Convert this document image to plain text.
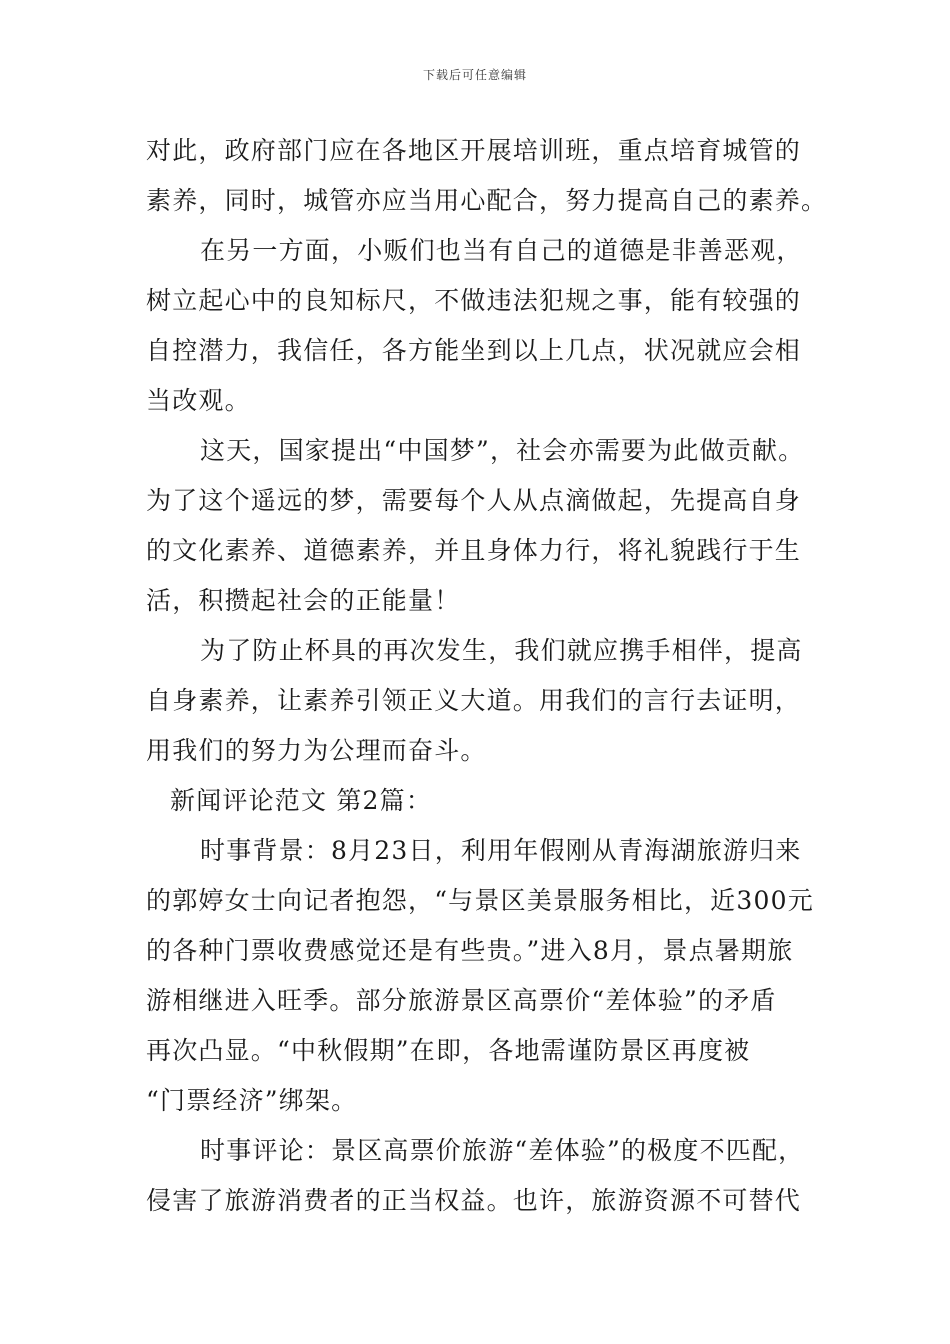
下载后可任意编辑
对此，政府部门应在各地区开展培训班，重点培育城管的
素养，同时，城管亦应当用心配合，努力提高自己的素养。
在另一方面，小贩们也当有自己的道德是非善恶观，
树立起心中的良知标尺，不做违法犯规之事，能有较强的
自控潜力，我信任，各方能坐到以上几点，状况就应会相
当改观。
这天，国家提出“中国梦”，社会亦需要为此做贡献。
为了这个遥远的梦，需要每个人从点滴做起，先提高自身
的文化素养、道德素养，并且身体力行，将礼貌践行于生
活，积攒起社会的正能量！
为了防止杯具的再次发生，我们就应携手相伴，提高
自身素养，让素养引领正义大道。用我们的言行去证明，
用我们的努力为公理而奋斗。
新闻评论范文 第2篇：
时事背景：8月23日，利用年假刚从青海湖旅游归来
的郭婷女士向记者抱怨，“与景区美景服务相比，近300元
的各种门票收费感觉还是有些贵。”进入8月，景点暑期旅
游相继进入旺季。部分旅游景区高票价“差体验”的矛盾
再次凸显。“中秋假期”在即，各地需谨防景区再度被
“门票经济”绑架。
时事评论：景区高票价旅游“差体验”的极度不匹配，
侵害了旅游消费者的正当权益。也许，旅游资源不可替代
